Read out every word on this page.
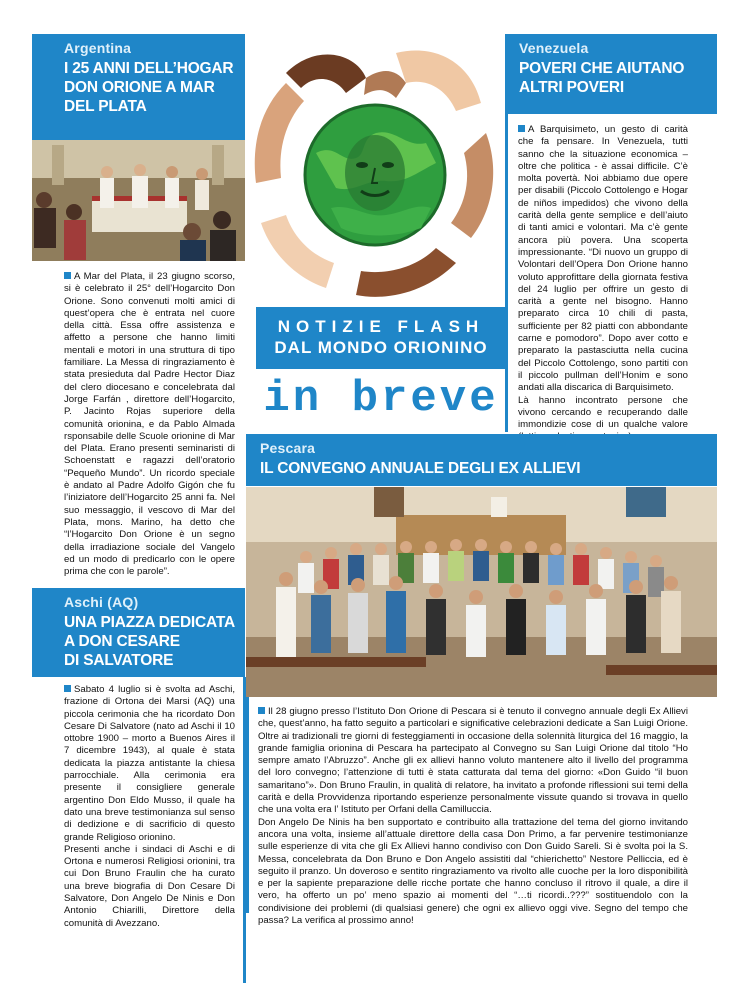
Argentina
I 25 ANNI DELL’HOGAR
DON ORIONE A MAR
DEL PLATA

A Mar del Plata, il 23 giugno scorso, si è celebrato il 25° dell’Hogarcito Don Orione. Sono convenuti molti amici di quest’opera che è entrata nel cuore della città. Essa offre assistenza e affetto a persone che hanno limiti mentali e motori in una struttura di tipo familiare. La Messa di ringraziamento è stata presieduta dal Padre Hector Diaz del clero diocesano e concelebrata dal Jorge Farfán , direttore dell’Hogarcito, P. Jacinto Rojas superiore della comunità orionina, e da Pablo Almada rsponsabile delle Scuole orionine di Mar del Plata. Erano presenti seminaristi di Schoenstatt e ragazzi dell’oratorio “Pequeño Mundo”. Un ricordo speciale è andato al Padre Adolfo Gigón che fu l’iniziatore dell’Hogarcito 25 anni fa. Nel suo messaggio, il vescovo di Mar del Plata, mons. Marino, ha detto che “l’Hogarcito Don Orione è un segno della irradiazione sociale del Vangelo ed un modo di predicarlo con le opere prima che con le parole”.

Aschi (AQ)
UNA PIAZZA DEDICATA
A DON CESARE
DI SALVATORE

Sabato 4 luglio si è svolta ad Aschi, frazione di Ortona dei Marsi (AQ) una piccola cerimonia che ha ricordato Don Cesare Di Salvatore (nato ad Aschi il 10 ottobre 1900 – morto a Buenos Aires il 7 dicembre 1943), al quale è stata dedicata la piazza antistante la chiesa parrocchiale. Alla cerimonia era presente il consigliere generale argentino Don Eldo Musso, il quale ha dato una breve testimonianza sul senso di dedizione e di sacrificio di questo grande Religioso orionino.

Presenti anche i sindaci di Aschi e di Ortona e numerosi Religiosi orionini, tra cui Don Bruno Fraulin che ha curato una breve biografia di Don Cesare Di Salvatore, Don Angelo De Ninis e Don Antonio Chiarilli, Direttore della comunità di Avezzano.

NOTIZIE FLASH
DAL MONDO ORIONINO
in breve
Venezuela
POVERI CHE AIUTANO
ALTRI POVERI

A Barquisimeto, un gesto di carità che fa pensare. In Venezuela, tutti sanno che la situazione economica – oltre che politica - è assai difficile. C’è molta povertà. Noi abbiamo due opere per disabili (Piccolo Cottolengo e Hogar de niños impedidos) che vivono della carità della gente semplice e dell’aiuto di tanti amici e volontari. Ma c’è gente ancora più povera. Una scoperta impressionante. “Di nuovo un gruppo di Volontari dell’Opera Don Orione hanno voluto approfittare della giornata festiva del 24 luglio per offrire un gesto di carità a gente nel bisogno. Hanno preparato circa 10 chili di pasta, sufficiente per 82 piatti con abbondante carne e pomodoro”. Dopo aver cotto e preparato la pastasciutta nella cucina del Piccolo Cottolengo, sono partiti con il piccolo pullman dell’Honim e sono andati alla discarica di Barquisimeto.

Là hanno incontrato persone che vivono cercando e recuperando dalle immondizie cose di un qualche valore

Pescara
IL CONVEGNO ANNUALE DEGLI EX ALLIEVI

Il 28 giugno presso l’Istituto Don Orione di Pescara si è tenuto il convegno annuale degli Ex Allievi che, quest’anno, ha fatto seguito a particolari e significative celebrazioni dedicate a San Luigi Orione. Oltre ai tradizionali tre giorni di festeggiamenti in occasione della solennità liturgica del 16 maggio, la grande famiglia orionina di Pescara ha partecipato al Convegno su San Luigi Orione dal titolo “Ho sempre amato l’Abruzzo”. Anche gli ex allievi hanno voluto mantenere alto il livello del programma del loro convegno; l’attenzione di tutti è stata catturata dal tema del giorno: «Don Guido “il buon samaritano”». Don Bruno Fraulin, in qualità di relatore, ha invitato a profonde riflessioni sui temi della carità e della Provvidenza riportando esperienze personalmente vissute quando si trovava in quello che una volta era l’ Istituto per Orfani della Camilluccia.

Don Angelo De Ninis ha ben supportato e contribuito alla trattazione del tema del giorno invitando ancora una volta, insieme all’attuale direttore della casa Don Primo, a far pervenire testimonianze sulle esperienze di vita che gli Ex Allievi hanno condiviso con Don Guido Sareli. Si è svolta poi la S. Messa, concelebrata da Don Bruno e Don Angelo assistiti dal “chierichetto” Nestore Pelliccia, ed è seguito il pranzo. Un doveroso e sentito ringraziamento va rivolto alle cuoche per la loro disponibilità e per la sapiente preparazione delle ricche portate che hanno concluso il ritrovo il quale, a dire il vero, ha offerto un po’ meno spazio ai momenti del “…ti ricordi..???” sostituendolo con la condivisione dei problemi (di qualsiasi genere) che ogni ex allievo oggi vive. Segno del tempo che passa? La verifica al prossimo anno!
